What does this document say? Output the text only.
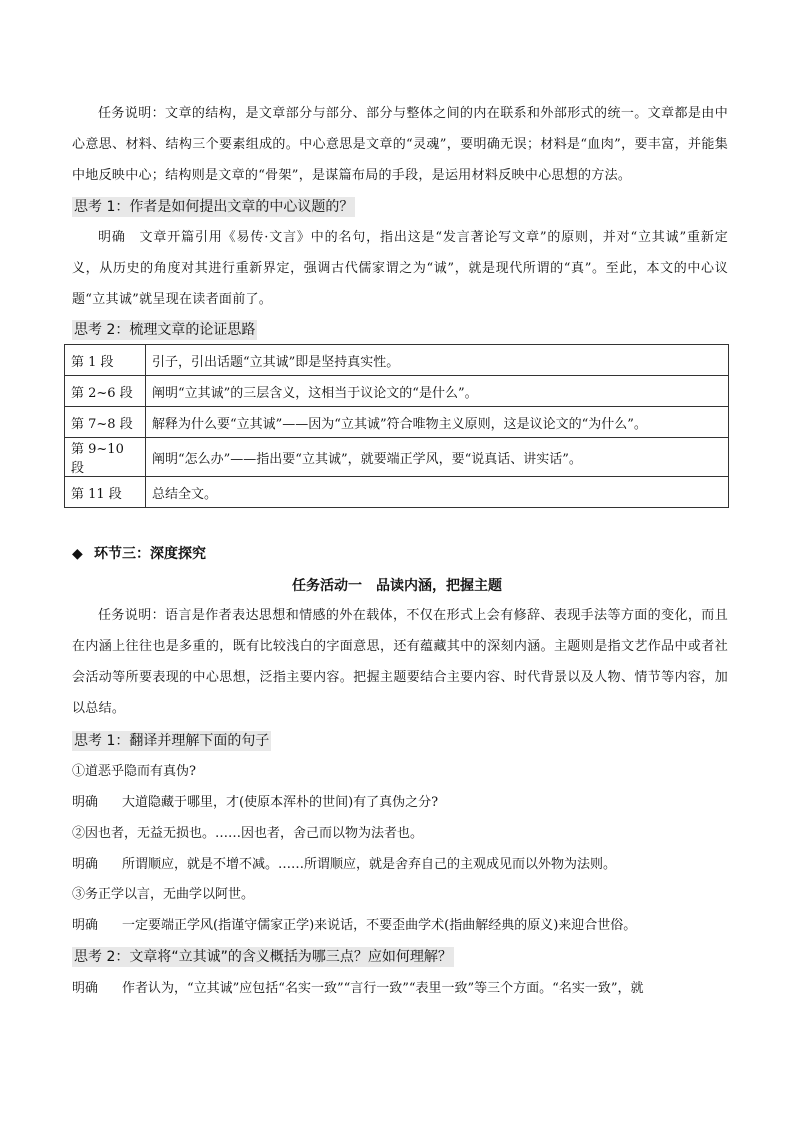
任务说明：文章的结构，是文章部分与部分、部分与整体之间的内在联系和外部形式的统一。文章都是由中心意思、材料、结构三个要素组成的。中心意思是文章的“灵魂”，要明确无误；材料是“血肉”，要丰富，并能集中地反映中心；结构则是文章的“骨架”，是谋篇布局的手段，是运用材料反映中心思想的方法。
思考 1：作者是如何提出文章的中心议题的？
明确　文章开篇引用《易传·文言》中的名句，指出这是“发言著论写文章”的原则，并对“立其诚”重新定义，从历史的角度对其进行重新界定，强调古代儒家谓之为“诚”，就是现代所谓的“真”。至此，本文的中心议题“立其诚”就呈现在读者面前了。
思考 2：梳理文章的论证思路
第 1 段	引子，引出话题“立其诚”即是坚持真实性。
第 2~6 段	阐明“立其诚”的三层含义，这相当于议论文的“是什么”。
第 7~8 段	解释为什么要“立其诚”——因为“立其诚”符合唯物主义原则，这是议论文的“为什么”。
第 9~10 段	阐明“怎么办”——指出要“立其诚”，就要端正学风，要“说真话、讲实话”。
第 11 段	总结全文。
◆ 环节三：深度探究
任务活动一　品读内涵，把握主题
任务说明：语言是作者表达思想和情感的外在载体，不仅在形式上会有修辞、表现手法等方面的变化，而且在内涵上往往也是多重的，既有比较浅白的字面意思，还有蕴藏其中的深刻内涵。主题则是指文艺作品中或者社会活动等所要表现的中心思想，泛指主要内容。把握主题要结合主要内容、时代背景以及人物、情节等内容，加以总结。
思考 1：翻译并理解下面的句子
①道恶乎隐而有真伪?
明确 大道隐藏于哪里，才(使原本浑朴的世间)有了真伪之分?
②因也者，无益无损也。……因也者，舍己而以物为法者也。
明确 所谓顺应，就是不增不减。……所谓顺应，就是舍弃自己的主观成见而以外物为法则。
③务正学以言，无曲学以阿世。
明确 一定要端正学风(指谨守儒家正学)来说话，不要歪曲学术(指曲解经典的原义)来迎合世俗。
思考 2：文章将“立其诚”的含义概括为哪三点？应如何理解？
明确 作者认为，“立其诚”应包括“名实一致”“言行一致”“表里一致”等三个方面。“名实一致”，就
